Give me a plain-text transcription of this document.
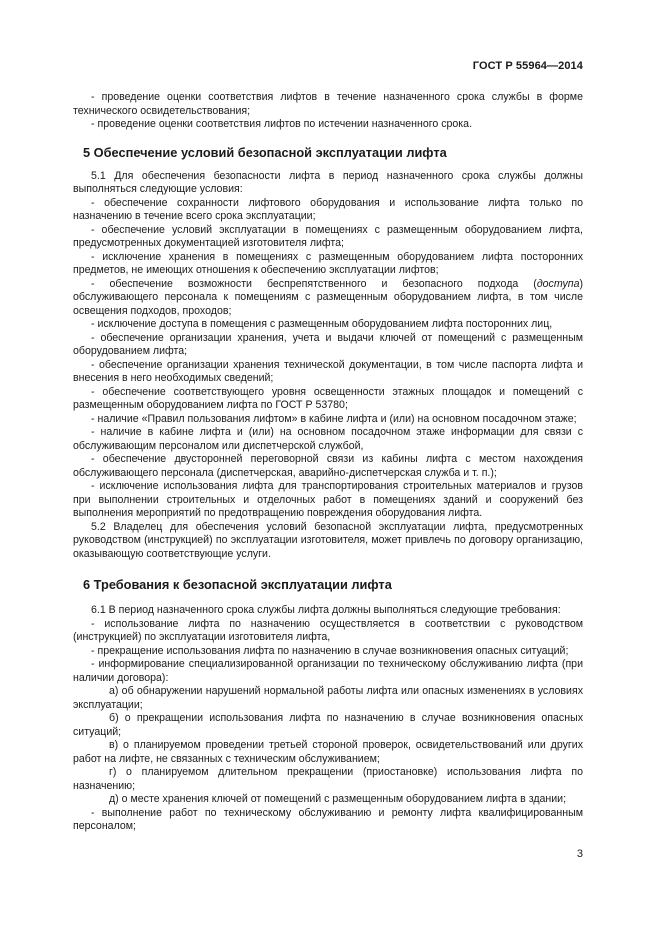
ГОСТ Р 55964—2014

- проведение оценки соответствия лифтов в течение назначенного срока службы в форме технического освидетельствования;

- проведение оценки соответствия лифтов по истечении назначенного срока.

5 Обеспечение условий безопасной эксплуатации лифта

5.1 Для обеспечения безопасности лифта в период назначенного срока службы должны выполняться следующие условия:

- обеспечение сохранности лифтового оборудования и использование лифта только по назначению в течение всего срока эксплуатации;

- обеспечение условий эксплуатации в помещениях с размещенным оборудованием лифта, предусмотренных документацией изготовителя лифта;

- исключение хранения в помещениях с размещенным оборудованием лифта посторонних предметов, не имеющих отношения к обеспечению эксплуатации лифтов;

- обеспечение возможности беспрепятственного и безопасного подхода (доступа) обслуживающего персонала к помещениям с размещенным оборудованием лифта, в том числе освещения подходов, проходов;

- исключение доступа в помещения с размещенным оборудованием лифта посторонних лиц,

- обеспечение организации хранения, учета и выдачи ключей от помещений с размещенным оборудованием лифта;

- обеспечение организации хранения технической документации, в том числе паспорта лифта и внесения в него необходимых сведений;

- обеспечение соответствующего уровня освещенности этажных площадок и помещений с размещенным оборудованием лифта по ГОСТ Р 53780;

- наличие «Правил пользования лифтом» в кабине лифта и (или) на основном посадочном этаже;

- наличие в кабине лифта и (или) на основном посадочном этаже информации для связи с обслуживающим персоналом или диспетчерской службой,

- обеспечение двусторонней переговорной связи из кабины лифта с местом нахождения обслуживающего персонала (диспетчерская, аварийно-диспетчерская служба и т. п.);

- исключение использования лифта для транспортирования строительных материалов и грузов при выполнении строительных и отделочных работ в помещениях зданий и сооружений без выполнения мероприятий по предотвращению повреждения оборудования лифта.

5.2 Владелец для обеспечения условий безопасной эксплуатации лифта, предусмотренных руководством (инструкцией) по эксплуатации изготовителя, может привлечь по договору организацию, оказывающую соответствующие услуги.

6 Требования к безопасной эксплуатации лифта

6.1 В период назначенного срока службы лифта должны выполняться следующие требования:

- использование лифта по назначению осуществляется в соответствии с руководством (инструкцией) по эксплуатации изготовителя лифта,

- прекращение использования лифта по назначению в случае возникновения опасных ситуаций;

- информирование специализированной организации по техническому обслуживанию лифта (при наличии договора):

а) об обнаружении нарушений нормальной работы лифта или опасных изменениях в условиях эксплуатации;

б) о прекращении использования лифта по назначению в случае возникновения опасных ситуаций;

в) о планируемом проведении третьей стороной проверок, освидетельствований или других работ на лифте, не связанных с техническим обслуживанием;

г) о планируемом длительном прекращении (приостановке) использования лифта по назначению;

д) о месте хранения ключей от помещений с размещенным оборудованием лифта в здании;

- выполнение работ по техническому обслуживанию и ремонту лифта квалифицированным персоналом;

3
